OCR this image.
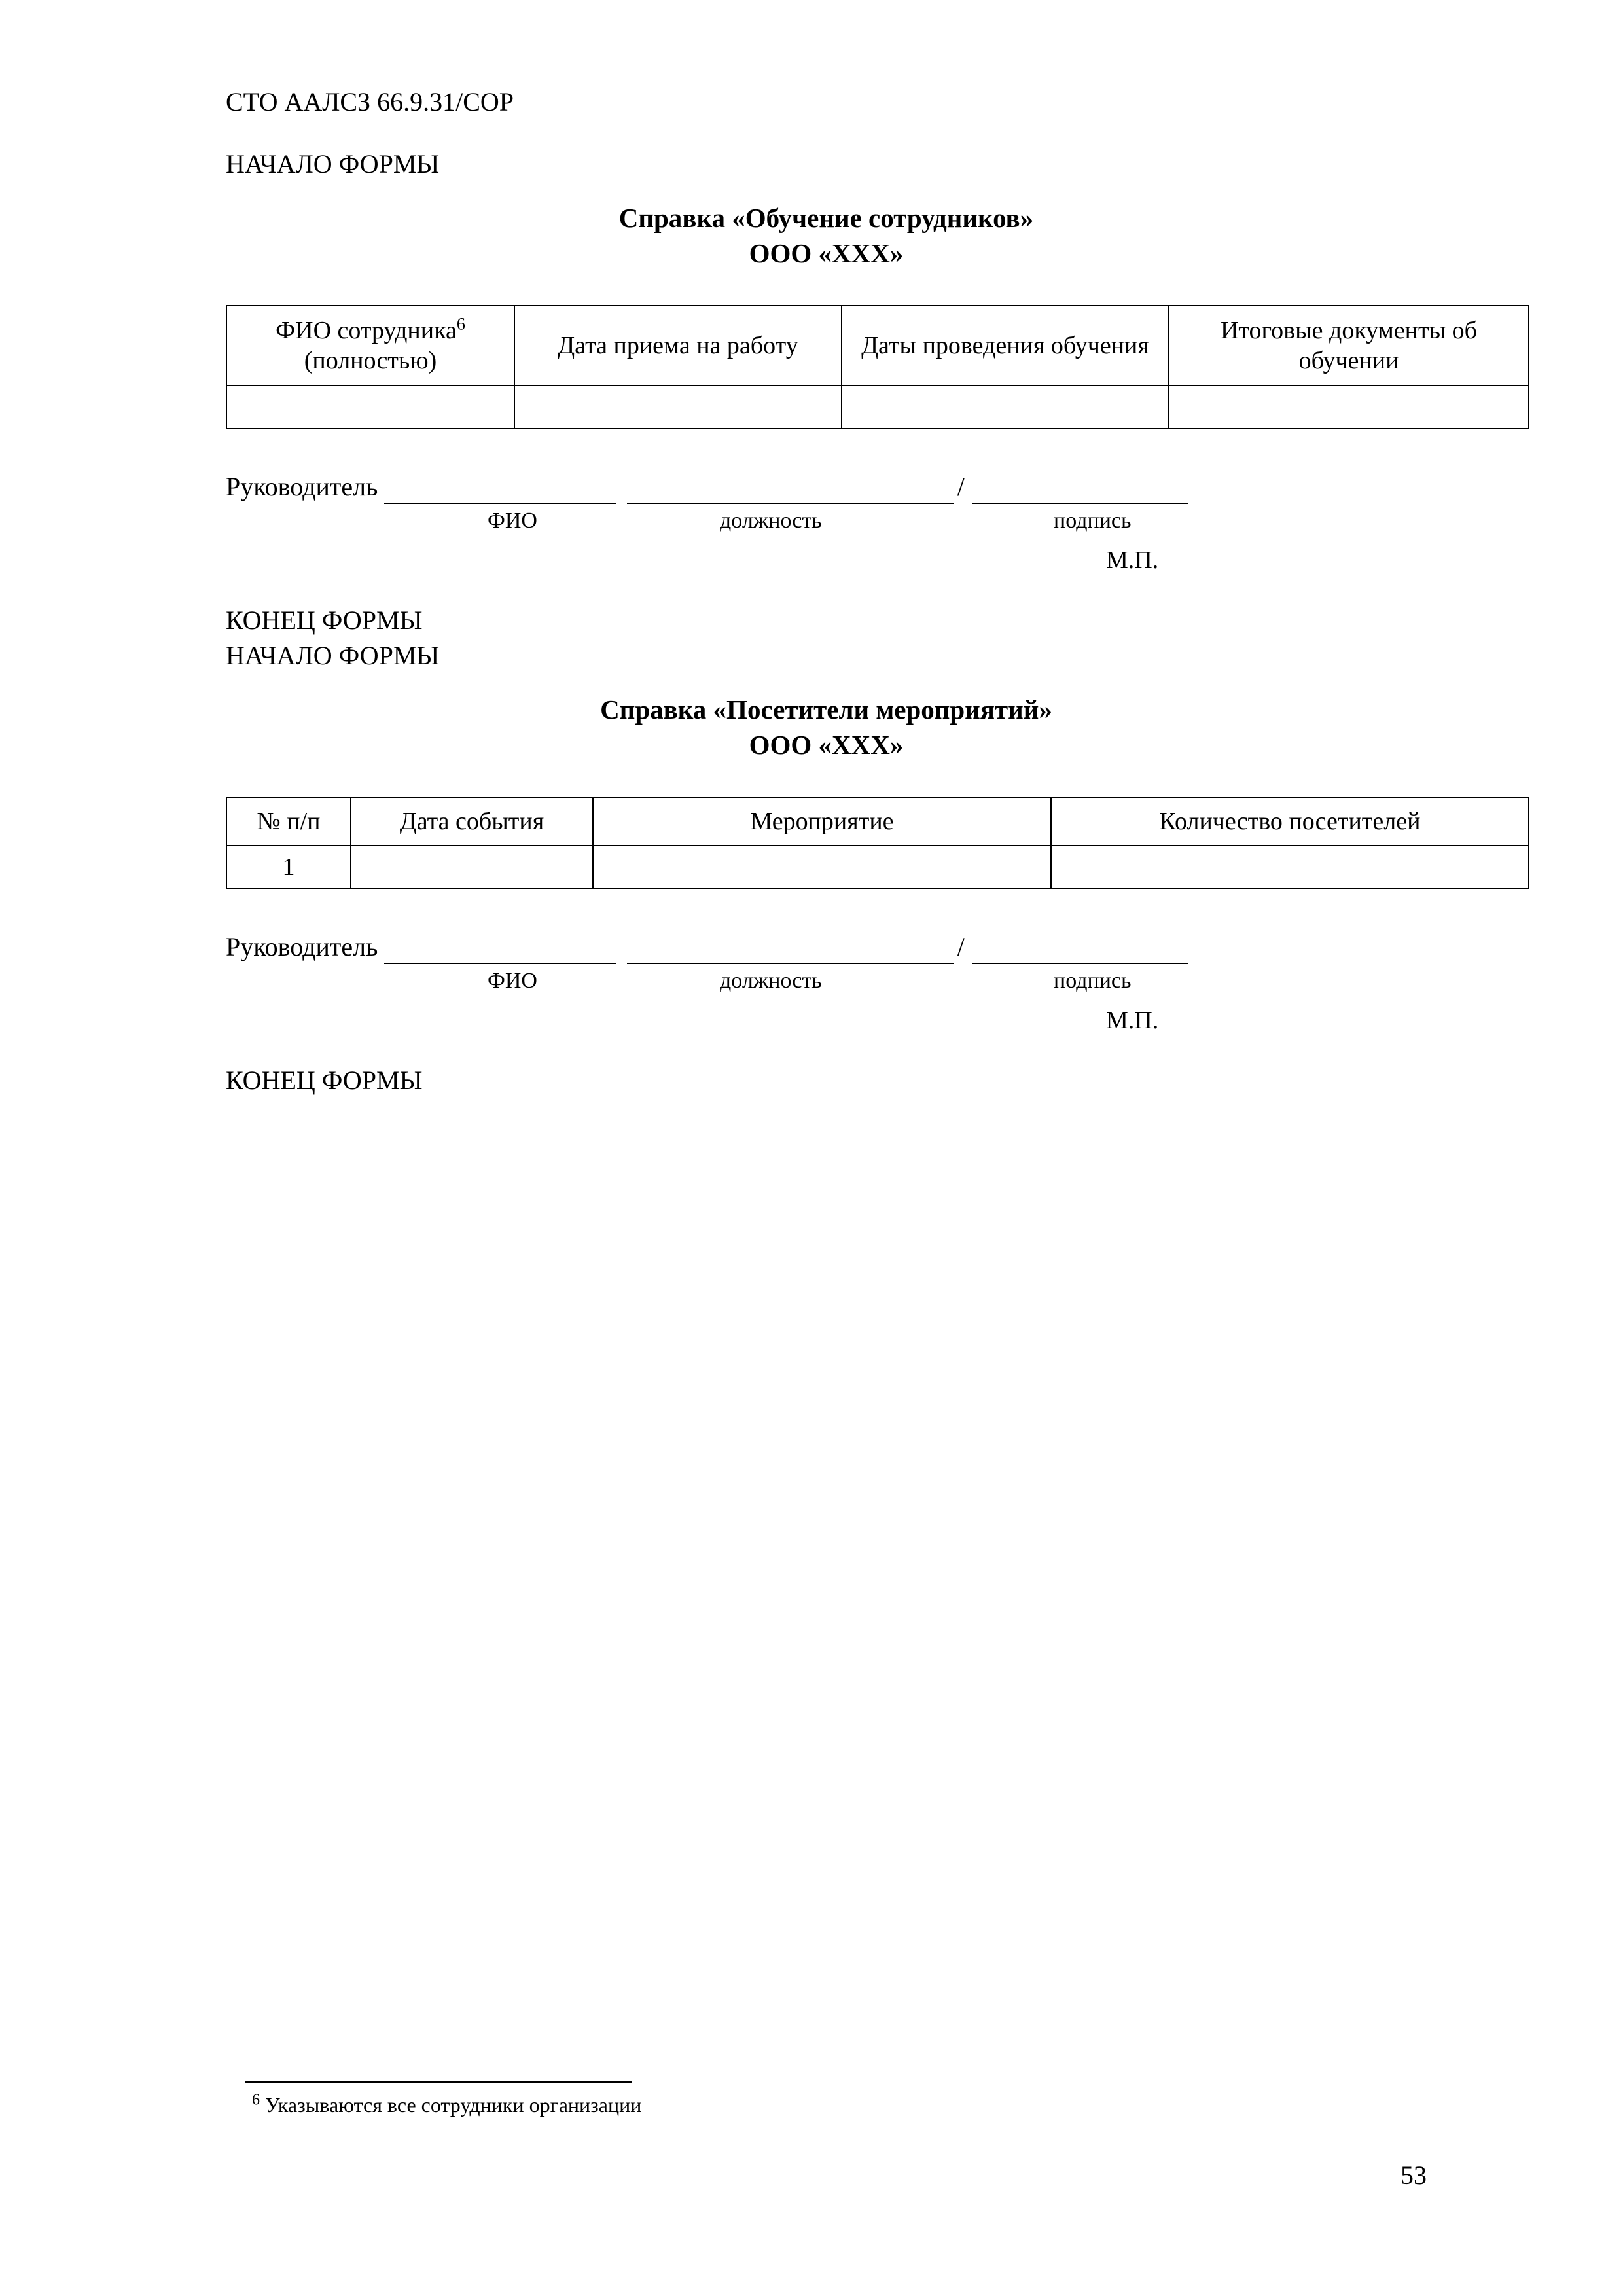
СТО ААЛСЗ 66.9.31/СОР
НАЧАЛО ФОРМЫ
Справка «Обучение сотрудников»
ООО «ХХХ»
ФИО сотрудника$^6$
(полностью)	Дата приема на работу	Даты проведения обучения	Итоговые документы об обучении

Руководитель	/
ФИО	должность	подпись
М.П.
КОНЕЦ ФОРМЫ
НАЧАЛО ФОРМЫ
Справка «Посетители мероприятий»
ООО «ХХХ»
№ п/п	Дата события	Мероприятие	Количество посетителей
1			
Руководитель	/
ФИО	должность	подпись
М.П.
КОНЕЦ ФОРМЫ
$^6$ Указываются все сотрудники организации
53
